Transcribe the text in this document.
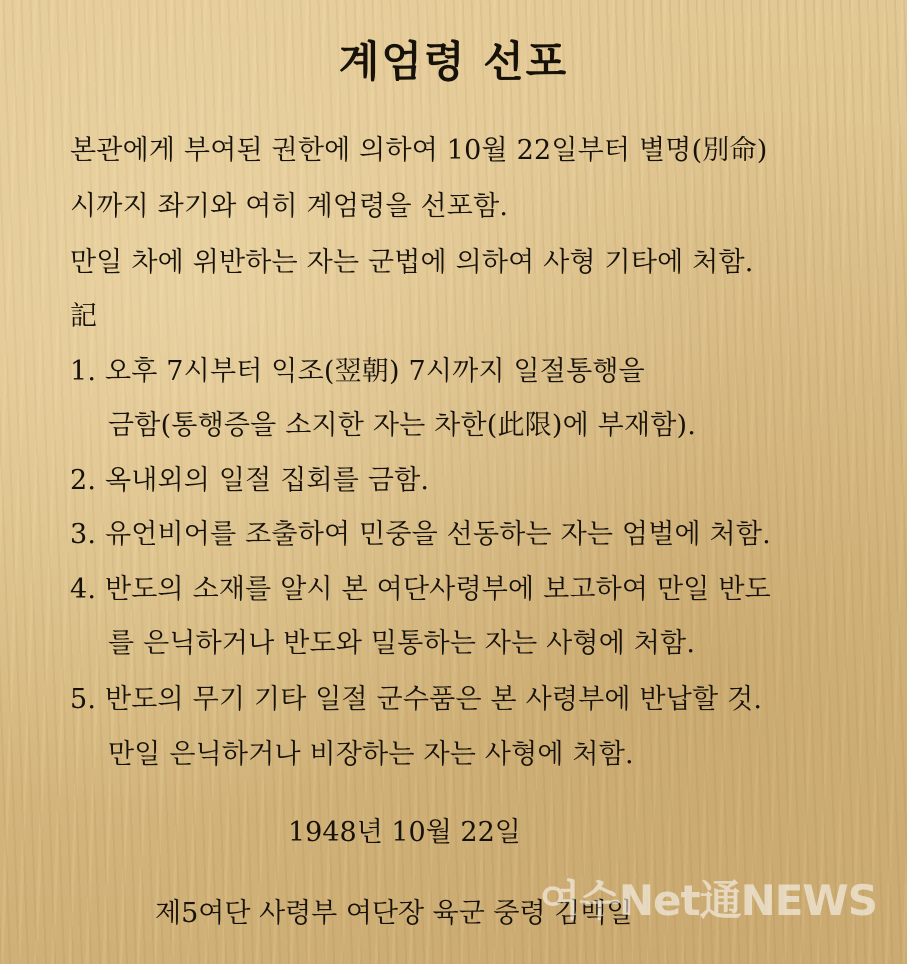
계엄령 선포
본관에게 부여된 권한에 의하여 10월 22일부터 별명(別命)
시까지 좌기와 여히 계엄령을 선포함.
만일 차에 위반하는 자는 군법에 의하여 사형 기타에 처함.
記
1. 오후 7시부터 익조(翌朝) 7시까지 일절통행을
금함(통행증을 소지한 자는 차한(此限)에 부재함).
2. 옥내외의 일절 집회를 금함.
3. 유언비어를 조출하여 민중을 선동하는 자는 엄벌에 처함.
4. 반도의 소재를 알시 본 여단사령부에 보고하여 만일 반도
를 은닉하거나 반도와 밀통하는 자는 사형에 처함.
5. 반도의 무기 기타 일절 군수품은 본 사령부에 반납할 것.
만일 은닉하거나 비장하는 자는 사형에 처함.
1948년 10월 22일
제5여단 사령부 여단장 육군 중령 김백일
여수Net通NEWS
